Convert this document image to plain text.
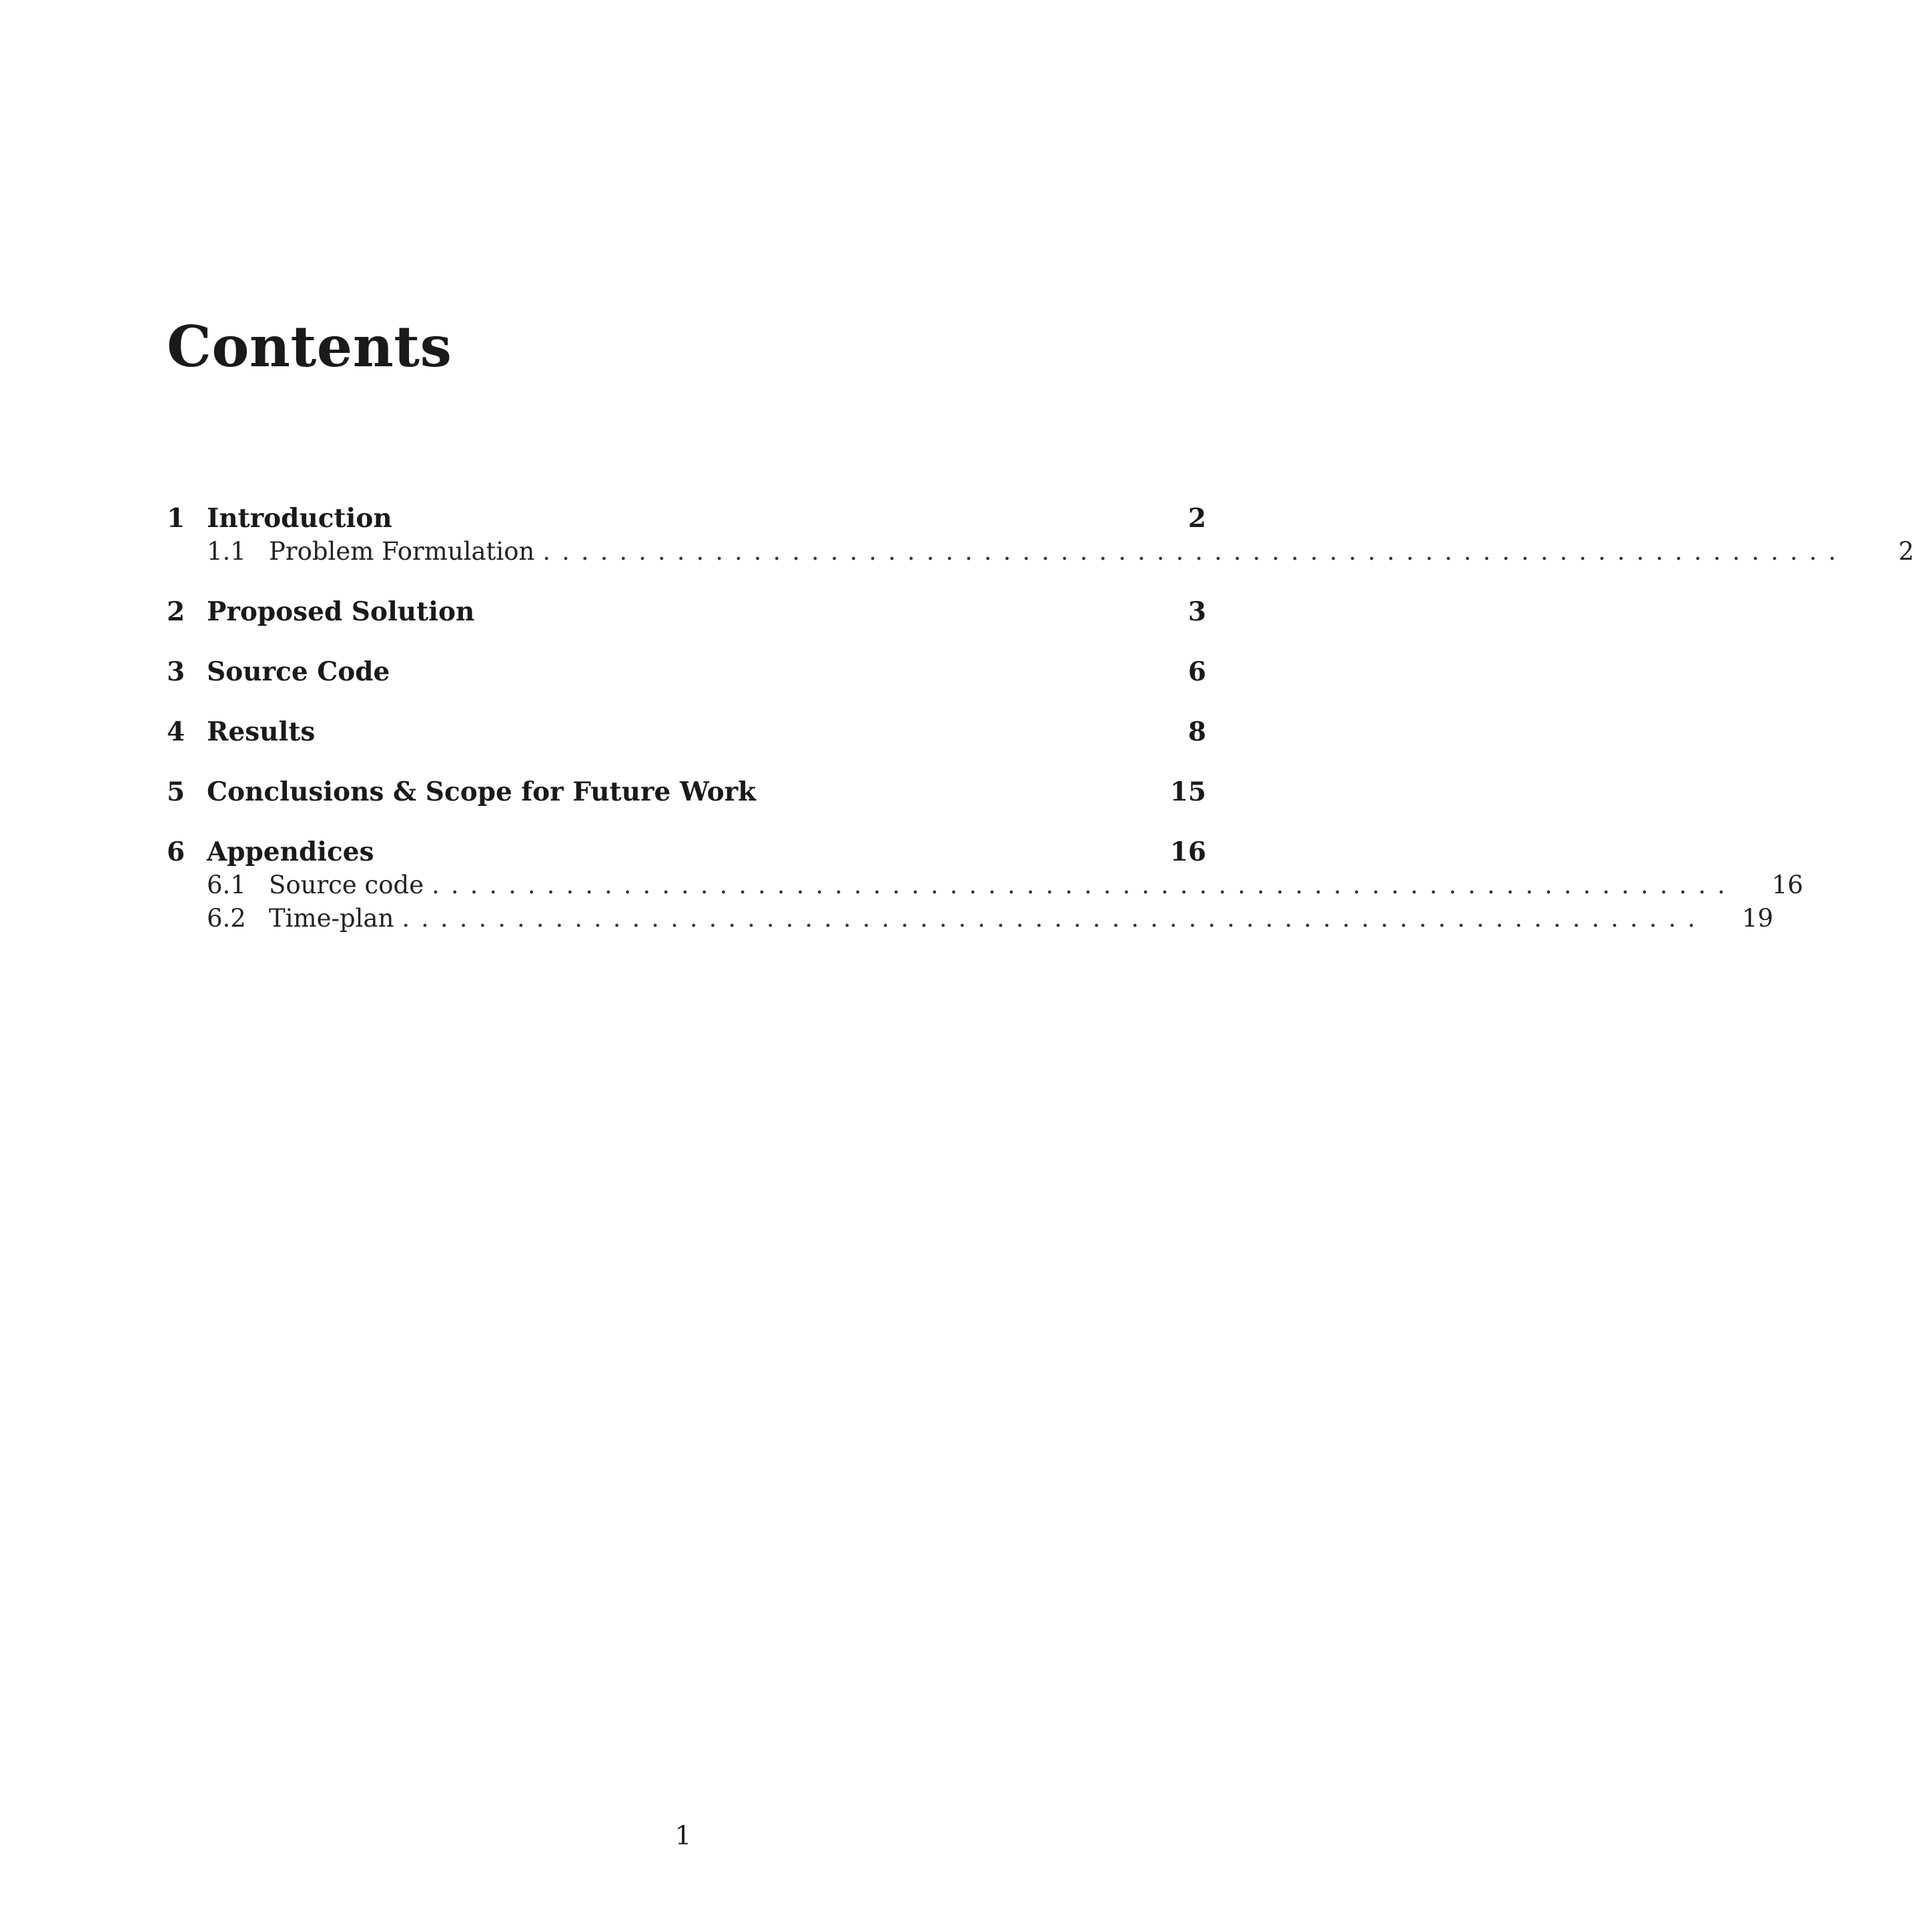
Contents
1 Introduction	2
1.1 Problem Formulation ....................................................................	2
2 Proposed Solution	3
3 Source Code	6
4 Results	8
5 Conclusions & Scope for Future Work	15
6 Appendices	16
6.1 Source code ....................................................................	16
6.2 Time-plan ....................................................................	19
1
